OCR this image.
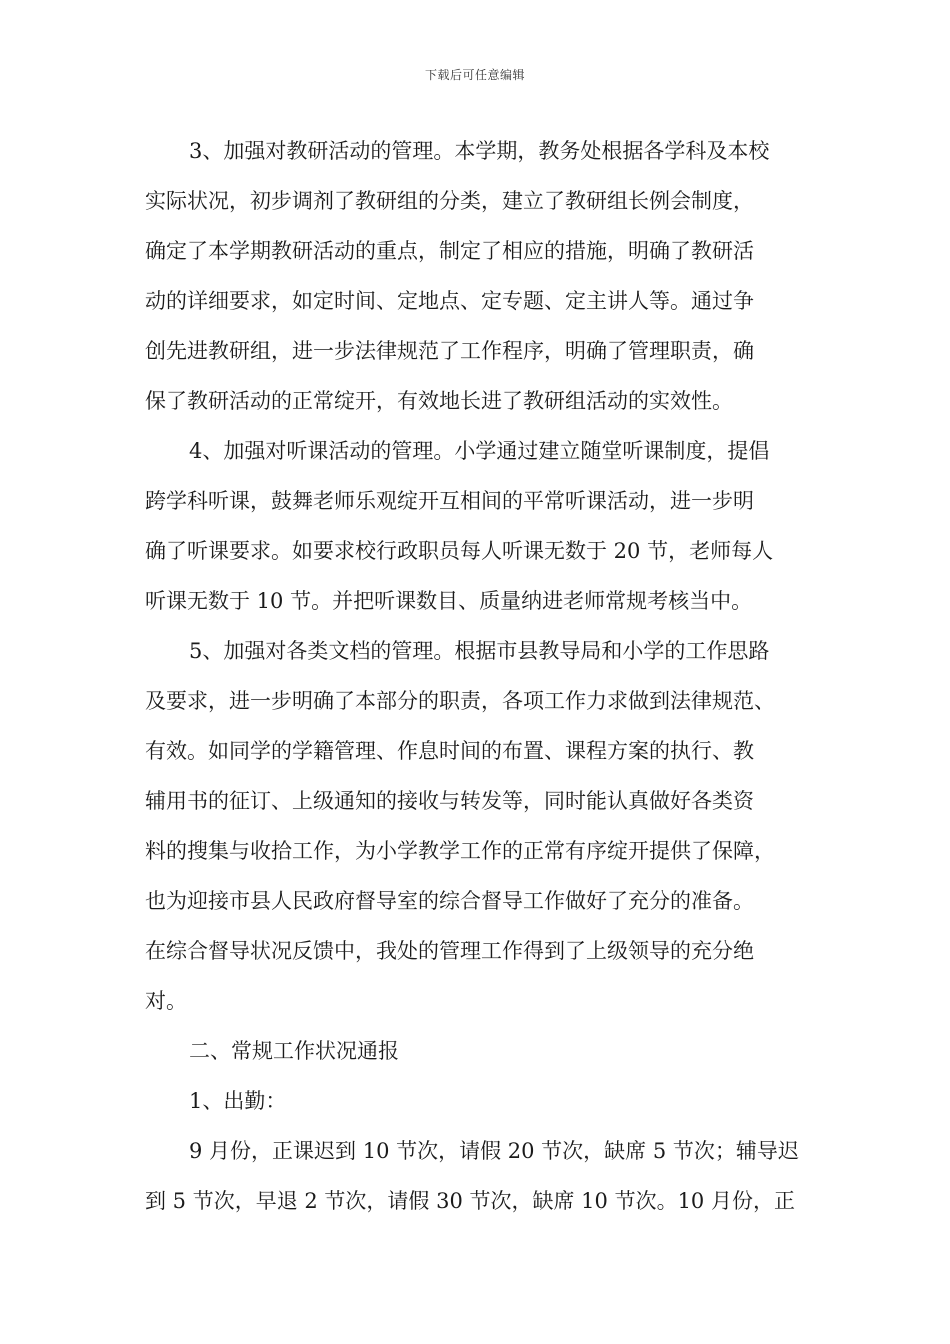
下载后可任意编辑
3、加强对教研活动的管理。本学期，教务处根据各学科及本校
实际状况，初步调剂了教研组的分类，建立了教研组长例会制度，
确定了本学期教研活动的重点，制定了相应的措施，明确了教研活
动的详细要求，如定时间、定地点、定专题、定主讲人等。通过争
创先进教研组，进一步法律规范了工作程序，明确了管理职责，确
保了教研活动的正常绽开，有效地长进了教研组活动的实效性。
4、加强对听课活动的管理。小学通过建立随堂听课制度，提倡
跨学科听课，鼓舞老师乐观绽开互相间的平常听课活动，进一步明
确了听课要求。如要求校行政职员每人听课无数于 20 节，老师每人
听课无数于 10 节。并把听课数目、质量纳进老师常规考核当中。
5、加强对各类文档的管理。根据市县教导局和小学的工作思路
及要求，进一步明确了本部分的职责，各项工作力求做到法律规范、
有效。如同学的学籍管理、作息时间的布置、课程方案的执行、教
辅用书的征订、上级通知的接收与转发等，同时能认真做好各类资
料的搜集与收拾工作，为小学教学工作的正常有序绽开提供了保障，
也为迎接市县人民政府督导室的综合督导工作做好了充分的准备。
在综合督导状况反馈中，我处的管理工作得到了上级领导的充分绝
对。
二、常规工作状况通报
1、出勤：
9 月份，正课迟到 10 节次，请假 20 节次，缺席 5 节次；辅导迟
到 5 节次，早退 2 节次，请假 30 节次，缺席 10 节次。10 月份，正
